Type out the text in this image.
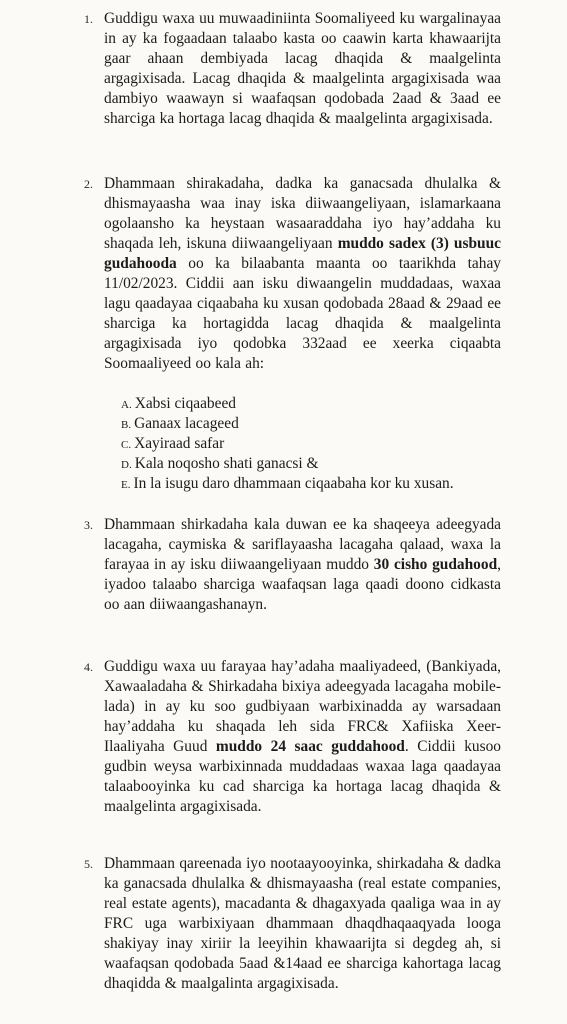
1. Guddigu waxa uu muwaadiniinta Soomaliyeed ku wargalinayaa in ay ka fogaadaan talaabo kasta oo caawin karta khawaarijta gaar ahaan dembiyada lacag dhaqida & maalgelinta argagixisada. Lacag dhaqida & maalgelinta argagixisada waa dambiyo waawayn si waafaqsan qodobada 2aad & 3aad ee sharciga ka hortaga lacag dhaqida & maalgelinta argagixisada.
2. Dhammaan shirakadaha, dadka ka ganacsada dhulalka & dhismayaasha waa inay iska diiwaangeliyaan, islamarkaana ogolaansho ka heystaan wasaaraddaha iyo hay’addaha ku shaqada leh, iskuna diiwaangeliyaan muddo sadex (3) usbuuc gudahooda oo ka bilaabanta maanta oo taarikhda tahay 11/02/2023. Ciddii aan isku diwaangelin muddadaas, waxaa lagu qaadayaa ciqaabaha ku xusan qodobada 28aad & 29aad ee sharciga ka hortagidda lacag dhaqida & maalgelinta argagixisada iyo qodobka 332aad ee xeerka ciqaabta Soomaaliyeed oo kala ah:
A. Xabsi ciqaabeed
B. Ganaax lacageed
C. Xayiraad safar
D. Kala noqosho shati ganacsi &
E. In la isugu daro dhammaan ciqaabaha kor ku xusan.
3. Dhammaan shirkadaha kala duwan ee ka shaqeeya adeegyada lacagaha, caymiska & sariflayaasha lacagaha qalaad, waxa la farayaa in ay isku diiwaangeliyaan muddo 30 cisho gudahood, iyadoo talaabo sharciga waafaqsan laga qaadi doono cidkasta oo aan diiwaangashanayn.
4. Guddigu waxa uu farayaa hay’adaha maaliyadeed, (Bankiyada, Xawaaladaha & Shirkadaha bixiya adeegyada lacagaha mobile-lada) in ay ku soo gudbiyaan warbixinadda ay warsadaan hay’addaha ku shaqada leh sida FRC& Xafiiska Xeer-Ilaaliyaha Guud muddo 24 saac guddahood. Ciddii kusoo gudbin weysa warbixinnada muddadaas waxaa laga qaadayaa talaabooyinka ku cad sharciga ka hortaga lacag dhaqida & maalgelinta argagixisada.
5. Dhammaan qareenada iyo nootaayooyinka, shirkadaha & dadka ka ganacsada dhulalka & dhismayaasha (real estate companies, real estate agents), macadanta & dhagaxyada qaaliga waa in ay FRC uga warbixiyaan dhammaan dhaqdhaqaaqyada looga shakiyay inay xiriir la leeyihin khawaarijta si degdeg ah, si waafaqsan qodobada 5aad &14aad ee sharciga kahortaga lacag dhaqidda & maalgalinta argagixisada.
